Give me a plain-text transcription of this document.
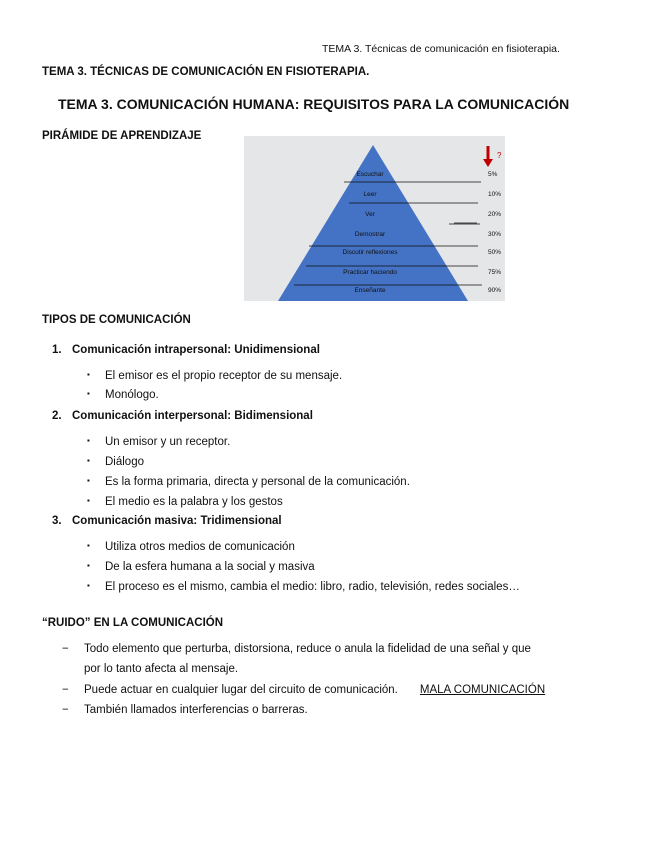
TEMA 3. Técnicas de comunicación en fisioterapia.
TEMA 3. TÉCNICAS DE COMUNICACIÓN EN FISIOTERAPIA.
TEMA 3. COMUNICACIÓN HUMANA: REQUISITOS PARA LA COMUNICACIÓN
PIRÁMIDE DE APRENDIZAJE
?
Escuchar	5%
Leer	10%
Ver	20%
Demostrar	30%
Discutir reflexiones	50%
Practicar haciendo	75%
Enseñante	90%
TIPOS DE COMUNICACIÓN
1. Comunicación intrapersonal: Unidimensional
▪ El emisor es el propio receptor de su mensaje.
▪ Monólogo.
2. Comunicación interpersonal: Bidimensional
▪ Un emisor y un receptor.
▪ Diálogo
▪ Es la forma primaria, directa y personal de la comunicación.
▪ El medio es la palabra y los gestos
3. Comunicación masiva: Tridimensional
▪ Utiliza otros medios de comunicación
▪ De la esfera humana a la social y masiva
▪ El proceso es el mismo, cambia el medio: libro, radio, televisión, redes sociales…
“RUIDO” EN LA COMUNICACIÓN
− Todo elemento que perturba, distorsiona, reduce o anula la fidelidad de una señal y que
por lo tanto afecta al mensaje.
− Puede actuar en cualquier lugar del circuito de comunicación. MALA COMUNICACIÓN
− También llamados interferencias o barreras.
